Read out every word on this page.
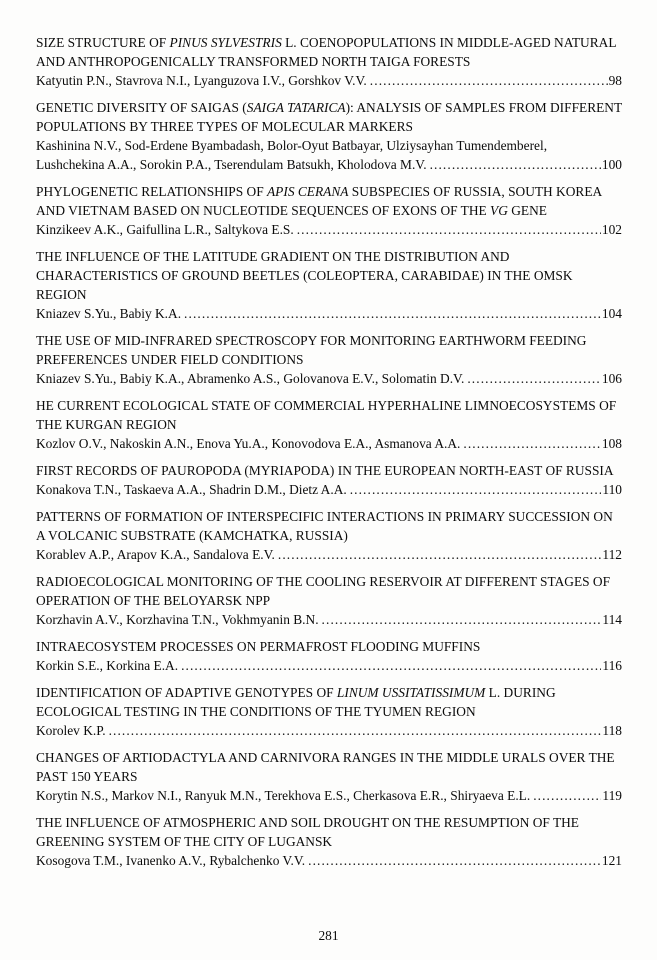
SIZE STRUCTURE OF PINUS SYLVESTRIS L. COENOPOPULATIONS IN MIDDLE-AGED NATURAL AND ANTHROPOGENICALLY TRANSFORMED NORTH TAIGA FORESTS
Katyutin P.N., Stavrova N.I., Lyanguzova I.V., Gorshkov V.V. .....	98
GENETIC DIVERSITY OF SAIGAS (SAIGA TATARICA): ANALYSIS OF SAMPLES FROM DIFFERENT POPULATIONS BY THREE TYPES OF MOLECULAR MARKERS
Kashinina N.V., Sod-Erdene Byambadash, Bolor-Oyut Batbayar, Ulziysayhan Tumendemberel,
Lushchekina A.A., Sorokin P.A., Tserendulam Batsukh, Kholodova M.V. .....	100
PHYLOGENETIC RELATIONSHIPS OF APIS CERANA SUBSPECIES OF RUSSIA, SOUTH KOREA AND VIETNAM BASED ON NUCLEOTIDE SEQUENCES OF EXONS OF THE VG GENE
Kinzikeev A.K., Gaifullina L.R., Saltykova E.S. .....	102
THE INFLUENCE OF THE LATITUDE GRADIENT ON THE DISTRIBUTION AND CHARACTERISTICS OF GROUND BEETLES (COLEOPTERA, CARABIDAE) IN THE OMSK REGION
Kniazev S.Yu., Babiy K.A. .....	104
THE USE OF MID-INFRARED SPECTROSCOPY FOR MONITORING EARTHWORM FEEDING PREFERENCES UNDER FIELD CONDITIONS
Kniazev S.Yu., Babiy K.A., Abramenko A.S., Golovanova E.V., Solomatin D.V. .....	106
HE CURRENT ECOLOGICAL STATE OF COMMERCIAL HYPERHALINE LIMNOECOSYSTEMS OF THE KURGAN REGION
Kozlov O.V., Nakoskin A.N., Enova Yu.A., Konovodova E.A., Asmanova A.A. .....	108
FIRST RECORDS OF PAUROPODA (MYRIAPODA) IN THE EUROPEAN NORTH-EAST OF RUSSIA
Konakova T.N., Taskaeva A.A., Shadrin D.M., Dietz A.A. .....	110
PATTERNS OF FORMATION OF INTERSPECIFIC INTERACTIONS IN PRIMARY SUCCESSION ON A VOLCANIC SUBSTRATE (KAMCHATKA, RUSSIA)
Korablev A.P., Arapov K.A., Sandalova E.V. .....	112
RADIOECOLOGICAL MONITORING OF THE COOLING RESERVOIR AT DIFFERENT STAGES OF OPERATION OF THE BELOYARSK NPP
Korzhavin A.V., Korzhavina T.N., Vokhmyanin B.N. .....	114
INTRAECOSYSTEM PROCESSES ON PERMAFROST FLOODING MUFFINS
Korkin S.E., Korkina E.A. .....	116
IDENTIFICATION OF ADAPTIVE GENOTYPES OF LINUM USSITATISSIMUM L. DURING ECOLOGICAL TESTING IN THE CONDITIONS OF THE TYUMEN REGION
Korolev K.P. .....	118
CHANGES OF ARTIODACTYLA AND CARNIVORA RANGES IN THE MIDDLE URALS OVER THE PAST 150 YEARS
Korytin N.S., Markov N.I., Ranyuk M.N., Terekhova E.S., Cherkasova E.R., Shiryaeva E.L. .....	119
THE INFLUENCE OF ATMOSPHERIC AND SOIL DROUGHT ON THE RESUMPTION OF THE GREENING SYSTEM OF THE CITY OF LUGANSK
Kosogova T.M., Ivanenko A.V., Rybalchenko V.V. .....	121
281
